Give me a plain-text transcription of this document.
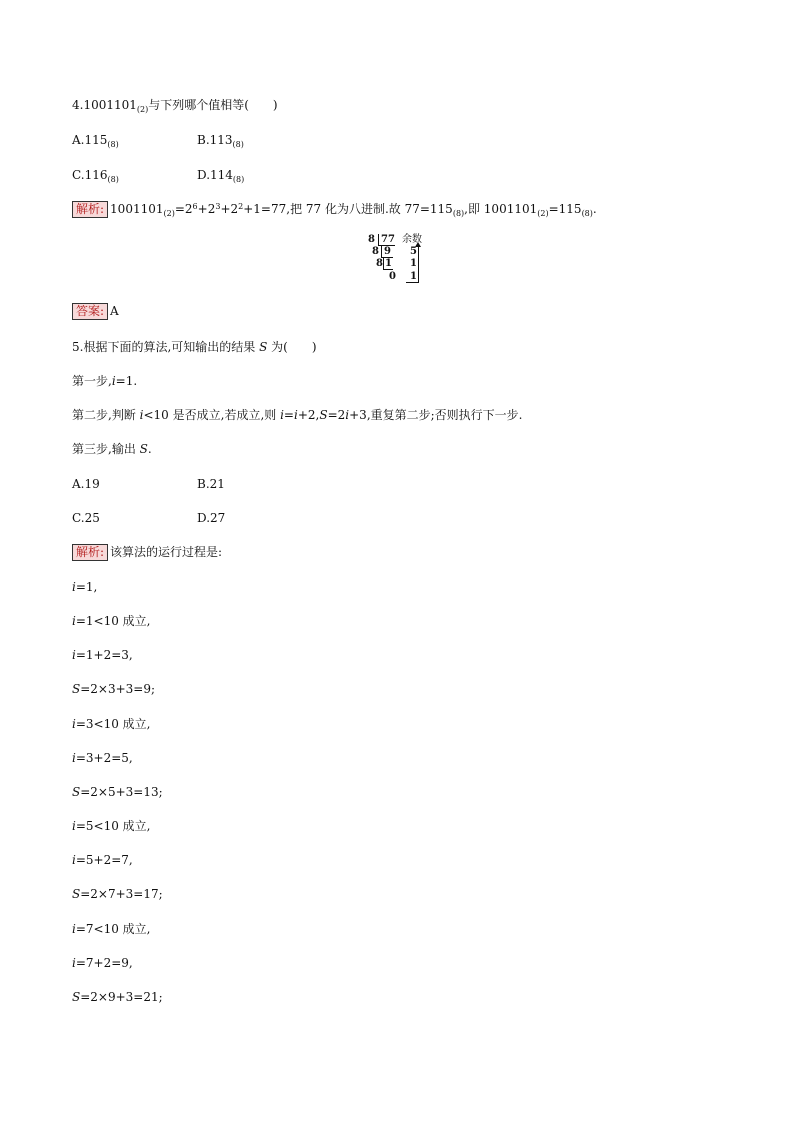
$4.1001101_{(2)}$与下列哪个值相等(　　)
$A.115_{(8)}$	$B.113_{(8)}$
$C.116_{(8)}$	$D.114_{(8)}$
解析: $1001101_{(2)}=2^6+2^3+2^2+1=77$,把 77 化为八进制.故 $77=115_{(8)}$,即 $1001101_{(2)}=115_{(8)}$.
8 77 余数
8 9 5
8 1 1
0 1
答案: A
5.根据下面的算法,可知输出的结果 S 为(　　)
第一步,i=1.
第二步,判断 i<10 是否成立,若成立,则 i=i+2,S=2i+3,重复第二步;否则执行下一步.
第三步,输出 S.
A.19	B.21
C.25	D.27
解析: 该算法的运行过程是:
i=1,
i=1<10 成立,
i=1+2=3,
S=2×3+3=9;
i=3<10 成立,
i=3+2=5,
S=2×5+3=13;
i=5<10 成立,
i=5+2=7,
S=2×7+3=17;
i=7<10 成立,
i=7+2=9,
S=2×9+3=21;
